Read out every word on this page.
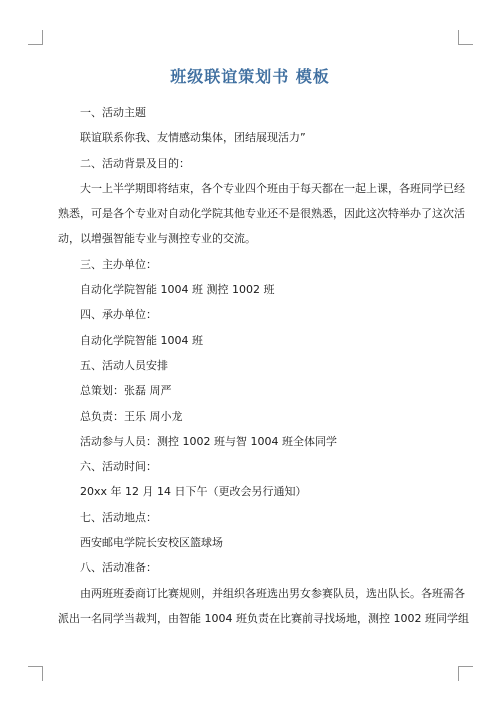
班级联谊策划书 模板
一、活动主题
联谊联系你我、友情感动集体，团结展现活力”
二、活动背景及目的：
大一上半学期即将结束，各个专业四个班由于每天都在一起上课，各班同学已经
熟悉，可是各个专业对自动化学院其他专业还不是很熟悉，因此这次特举办了这次活
动，以增强智能专业与测控专业的交流。
三、主办单位：
自动化学院智能 1004 班 测控 1002 班
四、承办单位：
自动化学院智能 1004 班
五、活动人员安排
总策划：张磊 周严
总负责：王乐 周小龙
活动参与人员：测控 1002 班与智 1004 班全体同学
六、活动时间：
20xx 年 12 月 14 日下午（更改会另行通知）
七、活动地点：
西安邮电学院长安校区篮球场
八、活动准备：
由两班班委商订比赛规则，并组织各班选出男女参赛队员，选出队长。各班需各
派出一名同学当裁判，由智能 1004 班负责在比赛前寻找场地，测控 1002 班同学组
